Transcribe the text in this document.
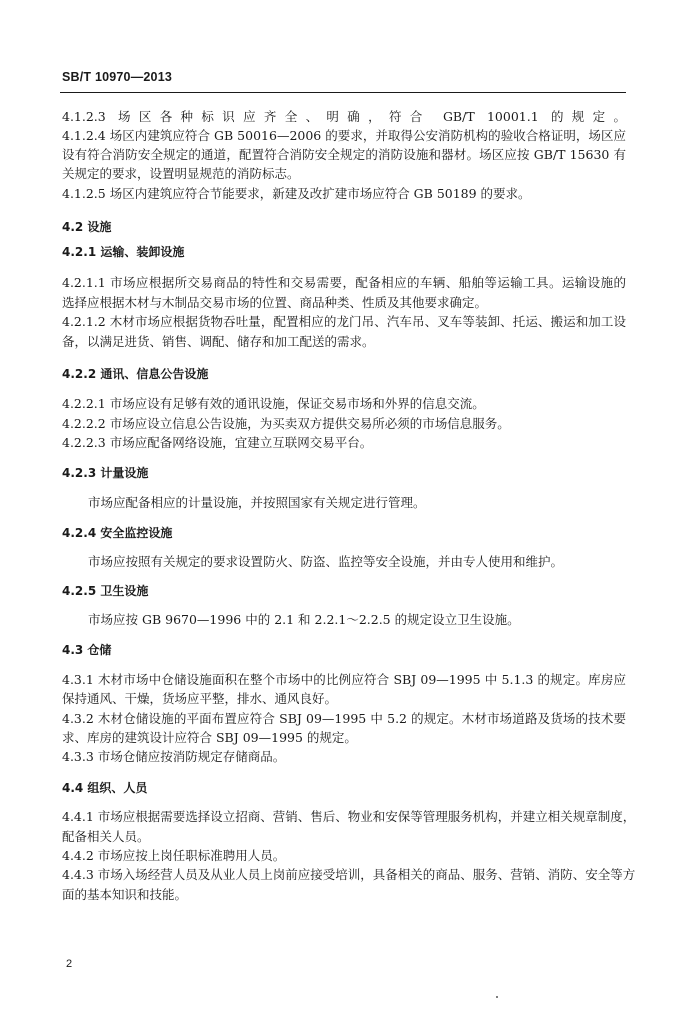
SB/T 10970—2013
4.1.2.3 场区各种标识应齐全、明确，符合 GB/T 10001.1 的规定。
4.1.2.4 场区内建筑应符合 GB 50016—2006 的要求，并取得公安消防机构的验收合格证明，场区应
设有符合消防安全规定的通道，配置符合消防安全规定的消防设施和器材。场区应按 GB/T 15630 有
关规定的要求，设置明显规范的消防标志。
4.1.2.5 场区内建筑应符合节能要求，新建及改扩建市场应符合 GB 50189 的要求。
4.2 设施
4.2.1 运输、装卸设施
4.2.1.1 市场应根据所交易商品的特性和交易需要，配备相应的车辆、船舶等运输工具。运输设施的
选择应根据木材与木制品交易市场的位置、商品种类、性质及其他要求确定。
4.2.1.2 木材市场应根据货物吞吐量，配置相应的龙门吊、汽车吊、叉车等装卸、托运、搬运和加工设
备，以满足进货、销售、调配、储存和加工配送的需求。
4.2.2 通讯、信息公告设施
4.2.2.1 市场应设有足够有效的通讯设施，保证交易市场和外界的信息交流。
4.2.2.2 市场应设立信息公告设施，为买卖双方提供交易所必须的市场信息服务。
4.2.2.3 市场应配备网络设施，宜建立互联网交易平台。
4.2.3 计量设施
市场应配备相应的计量设施，并按照国家有关规定进行管理。
4.2.4 安全监控设施
市场应按照有关规定的要求设置防火、防盗、监控等安全设施，并由专人使用和维护。
4.2.5 卫生设施
市场应按 GB 9670—1996 中的 2.1 和 2.2.1～2.2.5 的规定设立卫生设施。
4.3 仓储
4.3.1 木材市场中仓储设施面积在整个市场中的比例应符合 SBJ 09—1995 中 5.1.3 的规定。库房应
保持通风、干燥，货场应平整，排水、通风良好。
4.3.2 木材仓储设施的平面布置应符合 SBJ 09—1995 中 5.2 的规定。木材市场道路及货场的技术要
求、库房的建筑设计应符合 SBJ 09—1995 的规定。
4.3.3 市场仓储应按消防规定存储商品。
4.4 组织、人员
4.4.1 市场应根据需要选择设立招商、营销、售后、物业和安保等管理服务机构，并建立相关规章制度，
配备相关人员。
4.4.2 市场应按上岗任职标准聘用人员。
4.4.3 市场入场经营人员及从业人员上岗前应接受培训，具备相关的商品、服务、营销、消防、安全等方
面的基本知识和技能。
2
